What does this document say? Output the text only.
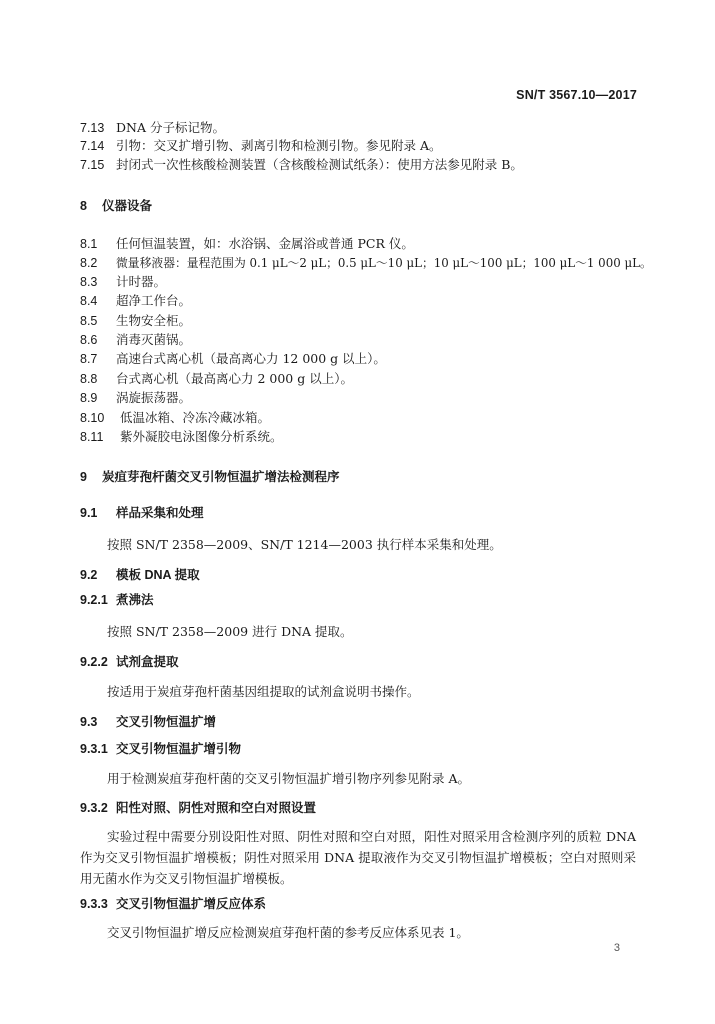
SN/T 3567.10—2017
7.13 DNA 分子标记物。
7.14 引物：交叉扩增引物、剥离引物和检测引物。参见附录 A。
7.15 封闭式一次性核酸检测装置（含核酸检测试纸条）：使用方法参见附录 B。
8 仪器设备
8.1 任何恒温装置，如：水浴锅、金属浴或普通 PCR 仪。
8.2 微量移液器：量程范围为 0.1 μL～2 μL；0.5 μL～10 μL；10 μL～100 μL；100 μL～1 000 μL。
8.3 计时器。
8.4 超净工作台。
8.5 生物安全柜。
8.6 消毒灭菌锅。
8.7 高速台式离心机（最高离心力 12 000 g 以上）。
8.8 台式离心机（最高离心力 2 000 g 以上）。
8.9 涡旋振荡器。
8.10 低温冰箱、冷冻冷藏冰箱。
8.11 紫外凝胶电泳图像分析系统。
9 炭疽芽孢杆菌交叉引物恒温扩增法检测程序
9.1 样品采集和处理
按照 SN/T 2358—2009、SN/T 1214—2003 执行样本采集和处理。
9.2 模板 DNA 提取
9.2.1 煮沸法
按照 SN/T 2358—2009 进行 DNA 提取。
9.2.2 试剂盒提取
按适用于炭疽芽孢杆菌基因组提取的试剂盒说明书操作。
9.3 交叉引物恒温扩增
9.3.1 交叉引物恒温扩增引物
用于检测炭疽芽孢杆菌的交叉引物恒温扩增引物序列参见附录 A。
9.3.2 阳性对照、阴性对照和空白对照设置
实验过程中需要分别设阳性对照、阴性对照和空白对照，阳性对照采用含检测序列的质粒 DNA 作为交叉引物恒温扩增模板；阴性对照采用 DNA 提取液作为交叉引物恒温扩增模板；空白对照则采用无菌水作为交叉引物恒温扩增模板。
9.3.3 交叉引物恒温扩增反应体系
交叉引物恒温扩增反应检测炭疽芽孢杆菌的参考反应体系见表 1。
3
